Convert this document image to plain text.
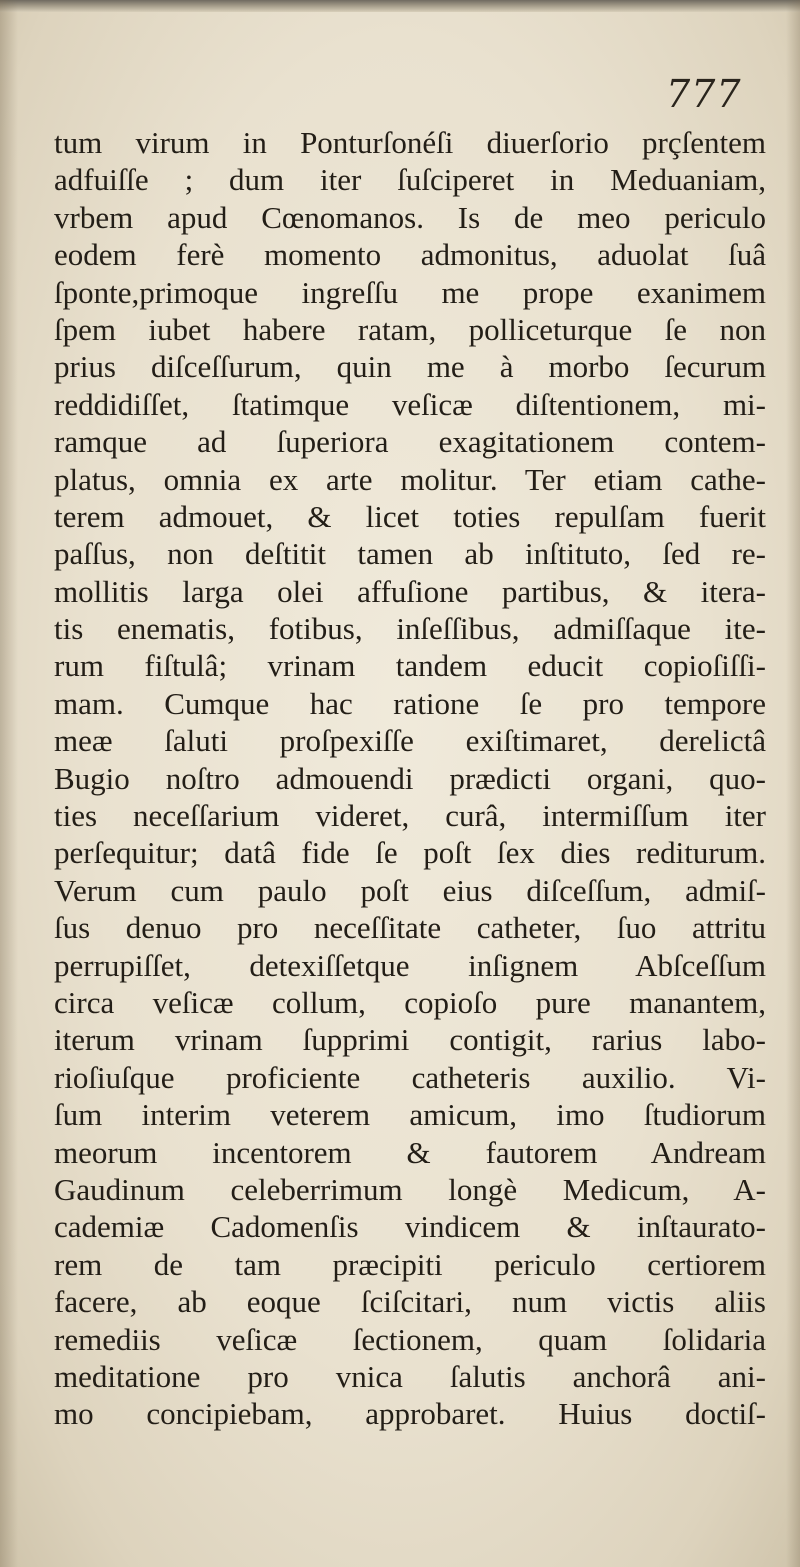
777

tum virum in Ponturſonéſi diuerſorio prçſentem
adfuiſſe ; dum iter ſuſciperet in Meduaniam,
vrbem apud Cœnomanos. Is de meo periculo
eodem ferè momento admonitus, aduolat ſuâ
ſponte,primoque ingreſſu me prope exanimem
ſpem iubet habere ratam, polliceturque ſe non
prius diſceſſurum, quin me à morbo ſecurum
reddidiſſet, ſtatimque veſicæ diſtentionem, mi-
ramque ad ſuperiora exagitationem contem-
platus, omnia ex arte molitur. Ter etiam cathe-
terem admouet, & licet toties repulſam fuerit
paſſus, non deſtitit tamen ab inſtituto, ſed re-
mollitis larga olei affuſione partibus, & itera-
tis enematis, fotibus, inſeſſibus, admiſſaque ite-
rum fiſtulâ; vrinam tandem educit copioſiſſi-
mam. Cumque hac ratione ſe pro tempore
meæ ſaluti proſpexiſſe exiſtimaret, derelictâ
Bugio noſtro admouendi prædicti organi, quo-
ties neceſſarium videret, curâ, intermiſſum iter
perſequitur; datâ fide ſe poſt ſex dies rediturum.
Verum cum paulo poſt eius diſceſſum, admiſ-
ſus denuo pro neceſſitate catheter, ſuo attritu
perrupiſſet, detexiſſetque inſignem Abſceſſum
circa veſicæ collum, copioſo pure manantem,
iterum vrinam ſupprimi contigit, rarius labo-
rioſiuſque proficiente catheteris auxilio. Vi-
ſum interim veterem amicum, imo ſtudiorum
meorum incentorem & fautorem Andream
Gaudinum celeberrimum longè Medicum, A-
cademiæ Cadomenſis vindicem & inſtaurato-
rem de tam præcipiti periculo certiorem
facere, ab eoque ſciſcitari, num victis aliis
remediis veſicæ ſectionem, quam ſolidaria
meditatione pro vnica ſalutis anchorâ ani-
mo concipiebam, approbaret. Huius doctiſ-
